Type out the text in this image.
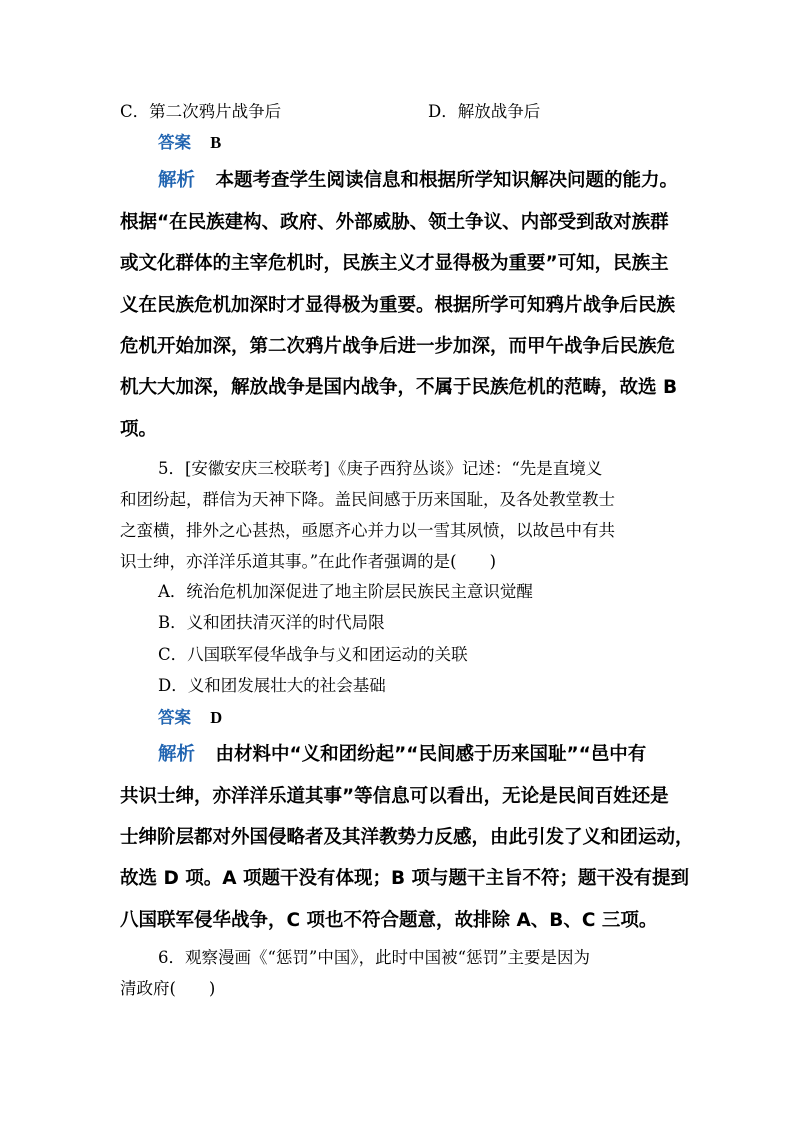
C．第二次鸦片战争后	D．解放战争后
答案 B
解析 本题考查学生阅读信息和根据所学知识解决问题的能力。
根据“在民族建构、政府、外部威胁、领土争议、内部受到敌对族群
或文化群体的主宰危机时，民族主义才显得极为重要”可知，民族主
义在民族危机加深时才显得极为重要。根据所学可知鸦片战争后民族
危机开始加深，第二次鸦片战争后进一步加深，而甲午战争后民族危
机大大加深，解放战争是国内战争，不属于民族危机的范畴，故选 B
项。
5．[安徽安庆三校联考]《庚子西狩丛谈》记述：“先是直境义
和团纷起，群信为天神下降。盖民间感于历来国耻，及各处教堂教士
之蛮横，排外之心甚热，亟愿齐心并力以一雪其夙愤，以故邑中有共
识士绅，亦洋洋乐道其事。”在此作者强调的是(　　)
A．统治危机加深促进了地主阶层民族民主意识觉醒
B．义和团扶清灭洋的时代局限
C．八国联军侵华战争与义和团运动的关联
D．义和团发展壮大的社会基础
答案 D
解析 由材料中“义和团纷起”“民间感于历来国耻”“邑中有
共识士绅，亦洋洋乐道其事”等信息可以看出，无论是民间百姓还是
士绅阶层都对外国侵略者及其洋教势力反感，由此引发了义和团运动，
故选 D 项。A 项题干没有体现；B 项与题干主旨不符；题干没有提到
八国联军侵华战争，C 项也不符合题意，故排除 A、B、C 三项。
6．观察漫画《“惩罚”中国》，此时中国被“惩罚”主要是因为
清政府(　　)
